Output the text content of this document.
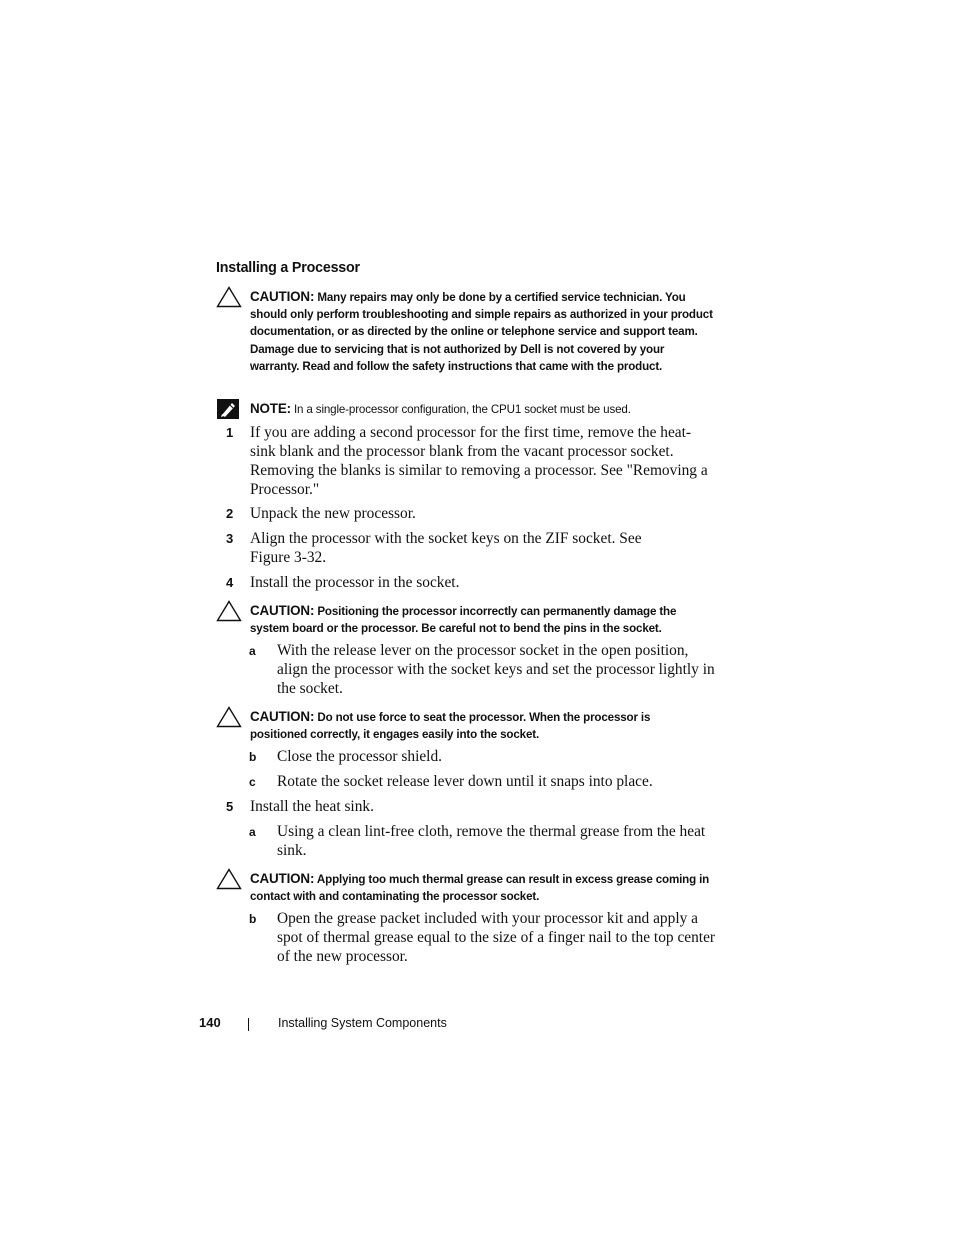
Installing a Processor
CAUTION: Many repairs may only be done by a certified service technician. You should only perform troubleshooting and simple repairs as authorized in your product documentation, or as directed by the online or telephone service and support team. Damage due to servicing that is not authorized by Dell is not covered by your warranty. Read and follow the safety instructions that came with the product.
NOTE: In a single-processor configuration, the CPU1 socket must be used.
1 If you are adding a second processor for the first time, remove the heat-sink blank and the processor blank from the vacant processor socket. Removing the blanks is similar to removing a processor. See "Removing a Processor."
2 Unpack the new processor.
3 Align the processor with the socket keys on the ZIF socket. See Figure 3-32.
4 Install the processor in the socket.
CAUTION: Positioning the processor incorrectly can permanently damage the system board or the processor. Be careful not to bend the pins in the socket.
a With the release lever on the processor socket in the open position, align the processor with the socket keys and set the processor lightly in the socket.
CAUTION: Do not use force to seat the processor. When the processor is positioned correctly, it engages easily into the socket.
b Close the processor shield.
c Rotate the socket release lever down until it snaps into place.
5 Install the heat sink.
a Using a clean lint-free cloth, remove the thermal grease from the heat sink.
CAUTION: Applying too much thermal grease can result in excess grease coming in contact with and contaminating the processor socket.
b Open the grease packet included with your processor kit and apply a spot of thermal grease equal to the size of a finger nail to the top center of the new processor.
140	Installing System Components
